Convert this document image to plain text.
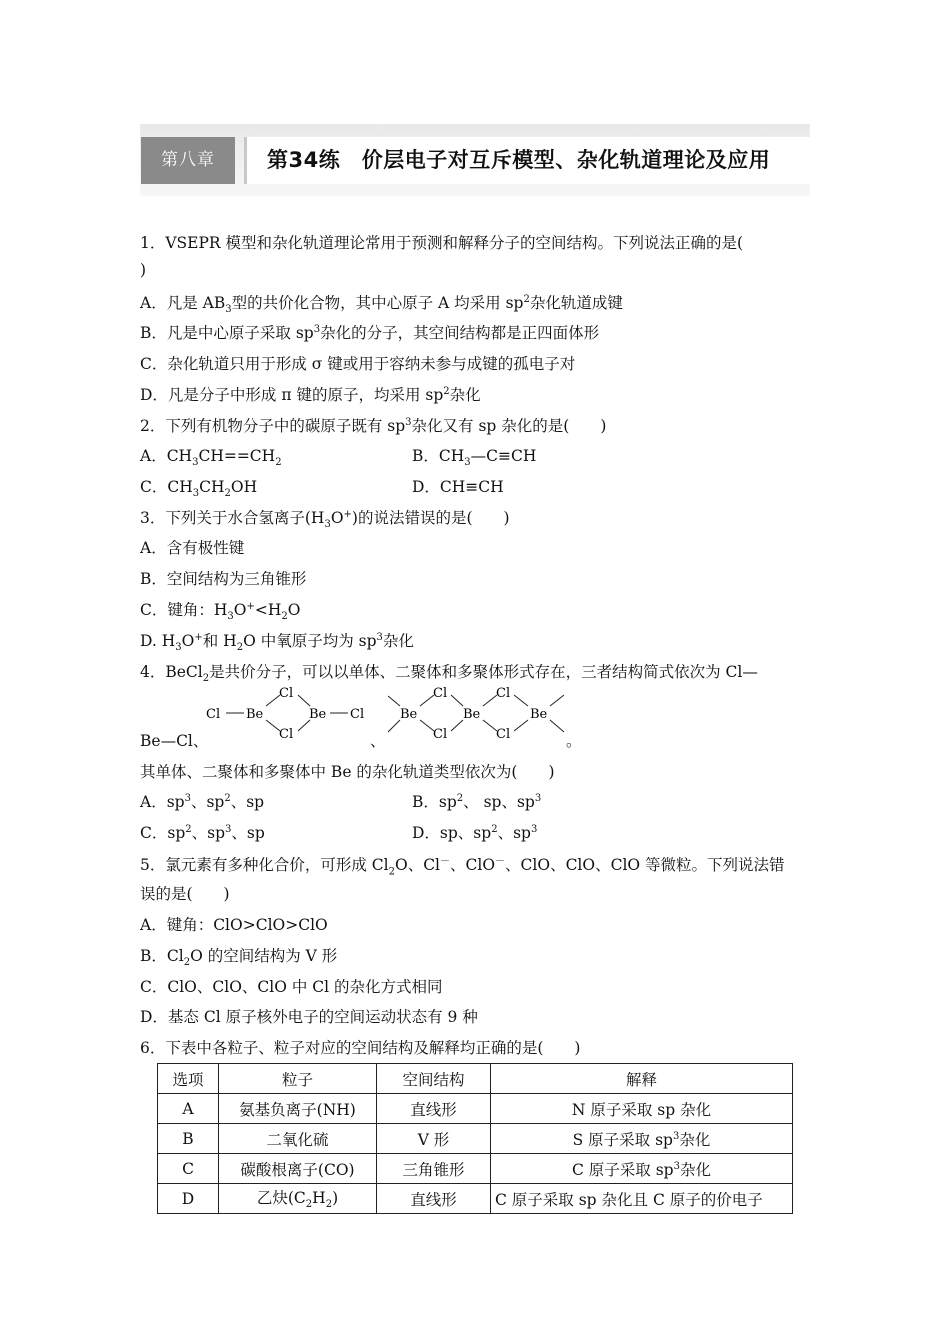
第八章	第34练　价层电子对互斥模型、杂化轨道理论及应用
1．VSEPR 模型和杂化轨道理论常用于预测和解释分子的空间结构。下列说法正确的是(
)
A．凡是 $AB_3$型的共价化合物，其中心原子 A 均采用 $sp^2$杂化轨道成键
B．凡是中心原子采取 $sp^3$杂化的分子，其空间结构都是正四面体形
C．杂化轨道只用于形成 σ 键或用于容纳未参与成键的孤电子对
D．凡是分子中形成 π 键的原子，均采用 $sp^2$杂化
2．下列有机物分子中的碳原子既有 $sp^3$杂化又有 sp 杂化的是(　　)
A．$CH_3CH==CH_2$	B．$CH_3—C\equiv CH$
C．$CH_3CH_2OH$	D．CH≡CH
3．下列关于水合氢离子$(H_3O^+)$的说法错误的是(　　)
A．含有极性键
B．空间结构为三角锥形
C．键角：$H_3O^+<H_2O$
D. $H_3O^+$和 $H_2O$ 中氧原子均为 $sp^3$杂化
4．BeCl$_2$是共价分子，可以以单体、二聚体和多聚体形式存在，三者结构简式依次为 Cl—
Cl Be
Cl
Cl
Be Cl	Be
Cl
Cl
Be
Cl
Cl
Be
Be—Cl、	、	。
其单体、二聚体和多聚体中 Be 的杂化轨道类型依次为(　　)
A．$sp^3$、$sp^2$、sp	B．$sp^2$、 sp、$sp^3$
C．$sp^2$、$sp^3$、sp	D．sp、$sp^2$、$sp^3$
5．氯元素有多种化合价，可形成 $Cl_2O$、Cl－、ClO－、ClO、ClO、ClO 等微粒。下列说法错
误的是(　　)
A．键角：ClO>ClO>ClO
B．$Cl_2O$ 的空间结构为 V 形
C．ClO、ClO、ClO 中 Cl 的杂化方式相同
D．基态 Cl 原子核外电子的空间运动状态有 9 种
6．下表中各粒子、粒子对应的空间结构及解释均正确的是(　　)
选项	粒子	空间结构	解释
A	氨基负离子(NH)	直线形	N 原子采取 sp 杂化
B	二氧化硫	V 形	S 原子采取 $sp^3$杂化
C	碳酸根离子(CO)	三角锥形	C 原子采取 $sp^3$杂化
D	乙炔$(C_2H_2)$	直线形	C 原子采取 sp 杂化且 C 原子的价电子
